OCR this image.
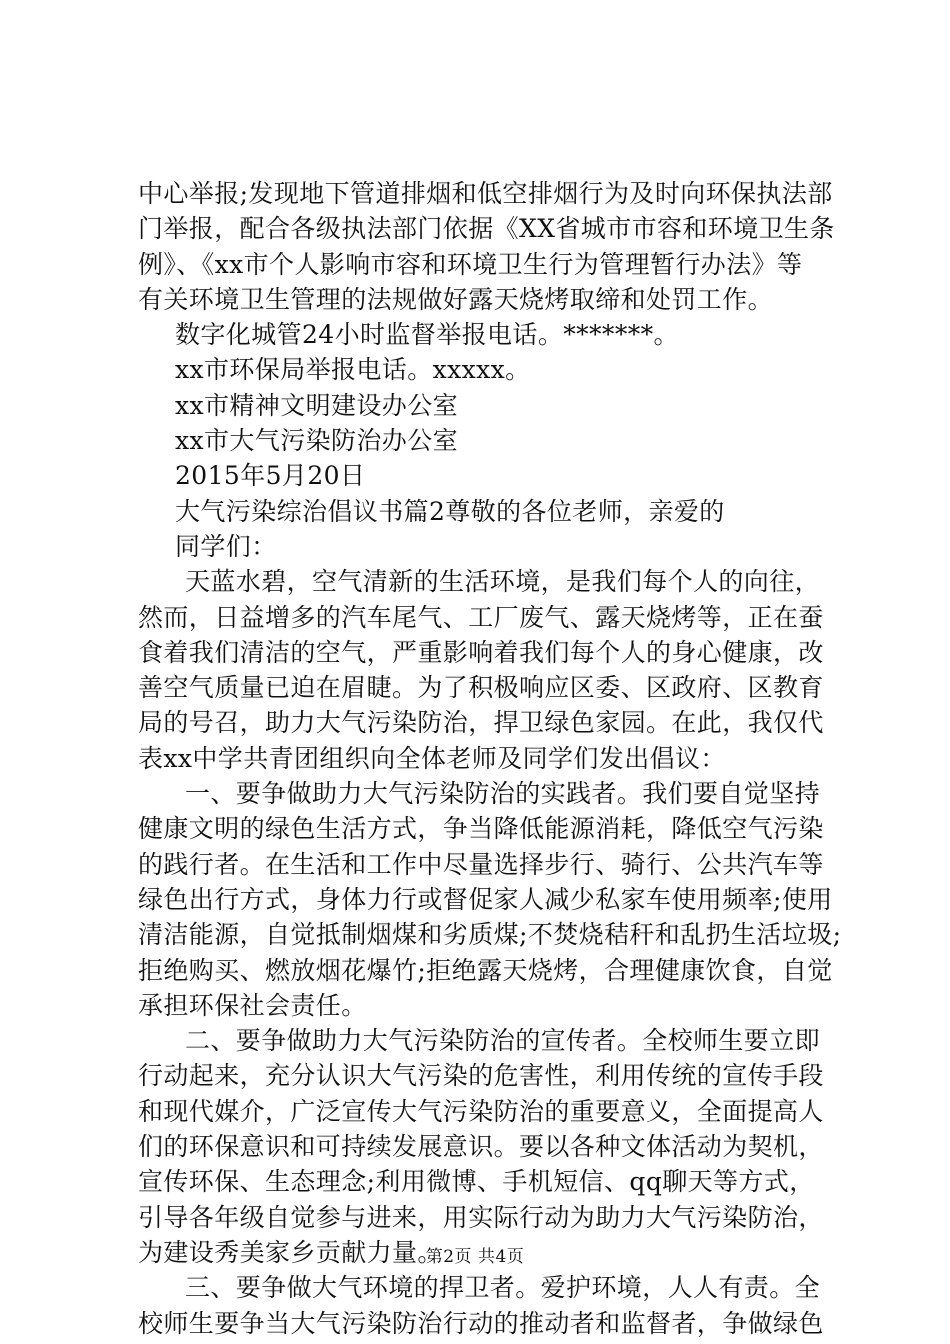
中心举报;发现地下管道排烟和低空排烟行为及时向环保执法部
门举报，配合各级执法部门依据《XX省城市市容和环境卫生条
例》、《xx市个人影响市容和环境卫生行为管理暂行办法》等
有关环境卫生管理的法规做好露天烧烤取缔和处罚工作。
数字化城管24小时监督举报电话。*******。
xx市环保局举报电话。xxxxx。
xx市精神文明建设办公室
xx市大气污染防治办公室
2015年5月20日
大气污染综治倡议书篇2尊敬的各位老师，亲爱的
同学们：
天蓝水碧，空气清新的生活环境，是我们每个人的向往，
然而，日益增多的汽车尾气、工厂废气、露天烧烤等，正在蚕
食着我们清洁的空气，严重影响着我们每个人的身心健康，改
善空气质量已迫在眉睫。为了积极响应区委、区政府、区教育
局的号召，助力大气污染防治，捍卫绿色家园。在此，我仅代
表xx中学共青团组织向全体老师及同学们发出倡议：
一、要争做助力大气污染防治的实践者。我们要自觉坚持
健康文明的绿色生活方式，争当降低能源消耗，降低空气污染
的践行者。在生活和工作中尽量选择步行、骑行、公共汽车等
绿色出行方式，身体力行或督促家人减少私家车使用频率;使用
清洁能源，自觉抵制烟煤和劣质煤;不焚烧秸秆和乱扔生活垃圾;
拒绝购买、燃放烟花爆竹;拒绝露天烧烤，合理健康饮食，自觉
承担环保社会责任。
二、要争做助力大气污染防治的宣传者。全校师生要立即
行动起来，充分认识大气污染的危害性，利用传统的宣传手段
和现代媒介，广泛宣传大气污染防治的重要意义，全面提高人
们的环保意识和可持续发展意识。要以各种文体活动为契机，
宣传环保、生态理念;利用微博、手机短信、qq聊天等方式，
引导各年级自觉参与进来，用实际行动为助力大气污染防治，
为建设秀美家乡贡献力量。
三、要争做大气环境的捍卫者。爱护环境，人人有责。全
校师生要争当大气污染防治行动的推动者和监督者，争做绿色
第2页 共4页
